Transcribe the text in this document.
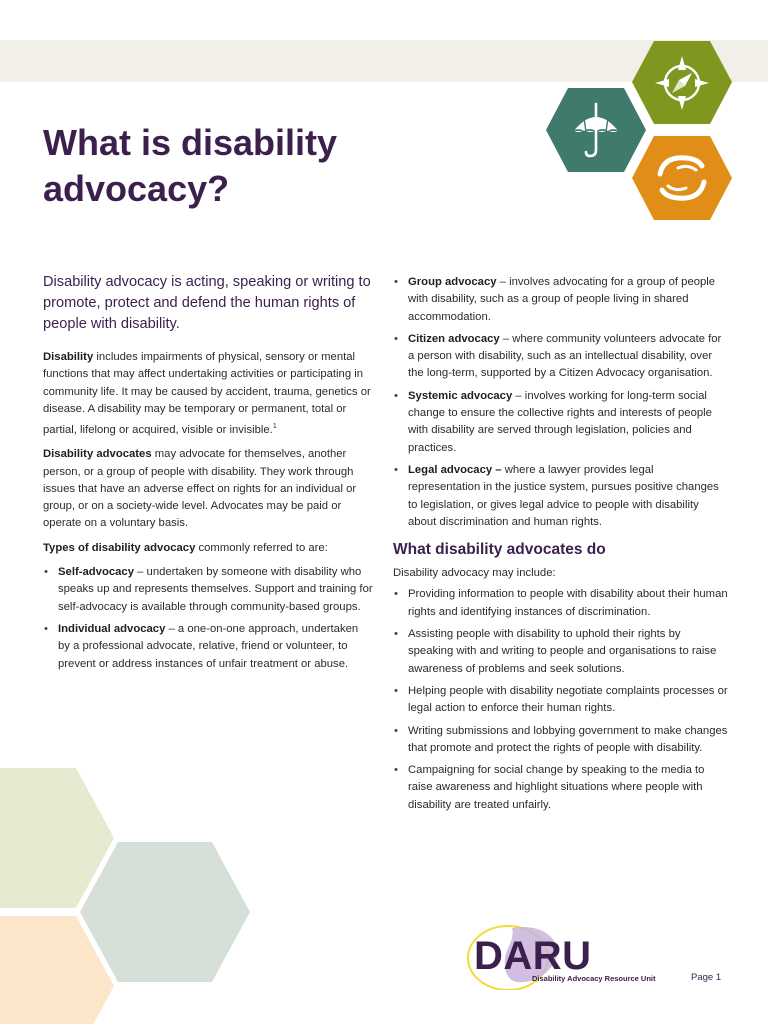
What is disability advocacy?

Disability advocacy is acting, speaking or writing to promote, protect and defend the human rights of people with disability.

Disability includes impairments of physical, sensory or mental functions that may affect undertaking activities or participating in community life. It may be caused by accident, trauma, genetics or disease. A disability may be temporary or permanent, total or partial, lifelong or acquired, visible or invisible.$^1$

Disability advocates may advocate for themselves, another person, or a group of people with disability. They work through issues that have an adverse effect on rights for an individual or group, or on a society-wide level. Advocates may be paid or operate on a voluntary basis.

Types of disability advocacy commonly referred to are:

• Self-advocacy – undertaken by someone with disability who speaks up and represents themselves. Support and training for self-advocacy is available through community-based groups.
• Individual advocacy – a one-on-one approach, undertaken by a professional advocate, relative, friend or volunteer, to prevent or address instances of unfair treatment or abuse.
• Group advocacy – involves advocating for a group of people with disability, such as a group of people living in shared accommodation.
• Citizen advocacy – where community volunteers advocate for a person with disability, such as an intellectual disability, over the long-term, supported by a Citizen Advocacy organisation.
• Systemic advocacy – involves working for long-term social change to ensure the collective rights and interests of people with disability are served through legislation, policies and practices.
• Legal advocacy – where a lawyer provides legal representation in the justice system, pursues positive changes to legislation, or gives legal advice to people with disability about discrimination and human rights.
What disability advocates do

Disability advocacy may include:

• Providing information to people with disability about their human rights and identifying instances of discrimination.
• Assisting people with disability to uphold their rights by speaking with and writing to people and organisations to raise awareness of problems and seek solutions.
• Helping people with disability negotiate complaints processes or legal action to enforce their human rights.
• Writing submissions and lobbying government to make changes that promote and protect the rights of people with disability.
• Campaigning for social change by speaking to the media to raise awareness and highlight situations where people with disability are treated unfairly.
DARU
Disability Advocacy Resource Unit	Page 1
